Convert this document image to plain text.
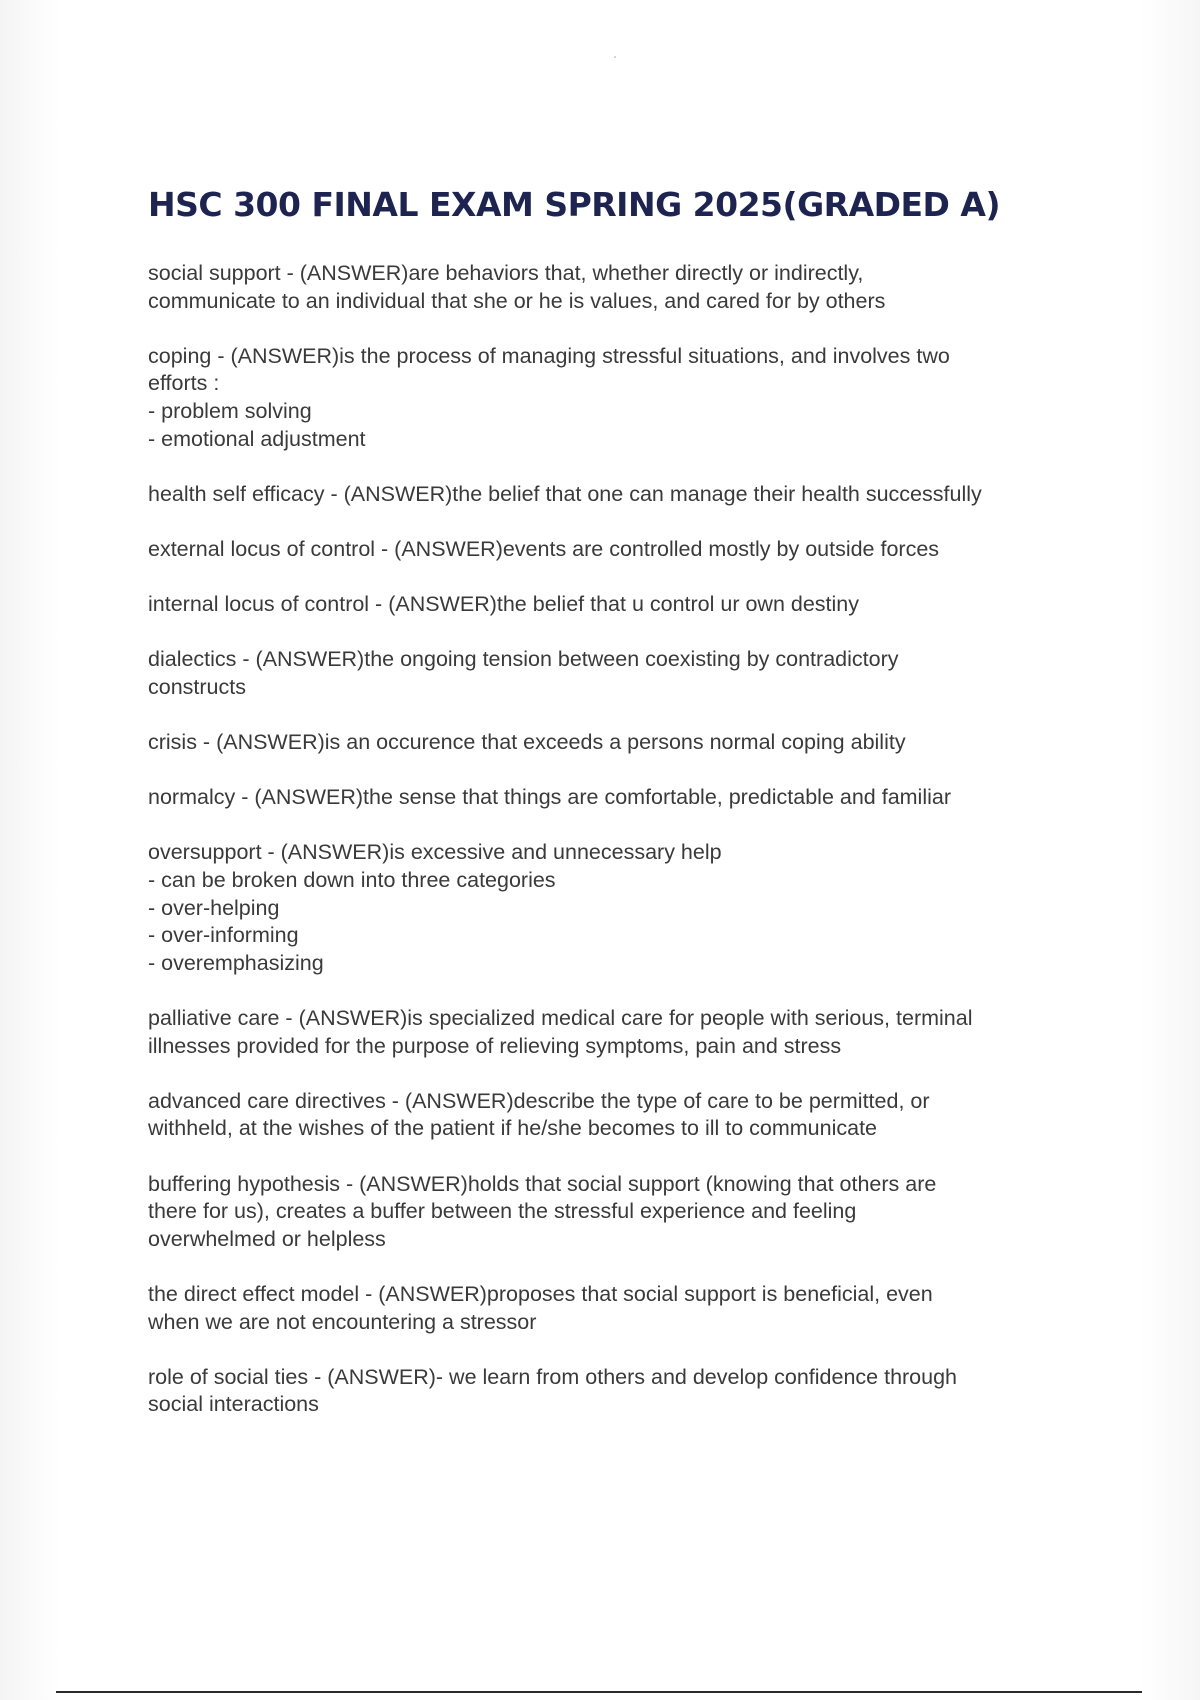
HSC 300 FINAL EXAM SPRING 2025(GRADED A)

social support - (ANSWER)are behaviors that, whether directly or indirectly,
communicate to an individual that she or he is values, and cared for by others

coping - (ANSWER)is the process of managing stressful situations, and involves two
efforts :
- problem solving
- emotional adjustment

health self efficacy - (ANSWER)the belief that one can manage their health successfully

external locus of control - (ANSWER)events are controlled mostly by outside forces

internal locus of control - (ANSWER)the belief that u control ur own destiny

dialectics - (ANSWER)the ongoing tension between coexisting by contradictory
constructs

crisis - (ANSWER)is an occurence that exceeds a persons normal coping ability

normalcy - (ANSWER)the sense that things are comfortable, predictable and familiar

oversupport - (ANSWER)is excessive and unnecessary help
- can be broken down into three categories
- over-helping
- over-informing
- overemphasizing

palliative care - (ANSWER)is specialized medical care for people with serious, terminal
illnesses provided for the purpose of relieving symptoms, pain and stress

advanced care directives - (ANSWER)describe the type of care to be permitted, or
withheld, at the wishes of the patient if he/she becomes to ill to communicate

buffering hypothesis - (ANSWER)holds that social support (knowing that others are
there for us), creates a buffer between the stressful experience and feeling
overwhelmed or helpless

the direct effect model - (ANSWER)proposes that social support is beneficial, even
when we are not encountering a stressor

role of social ties - (ANSWER)- we learn from others and develop confidence through
social interactions
